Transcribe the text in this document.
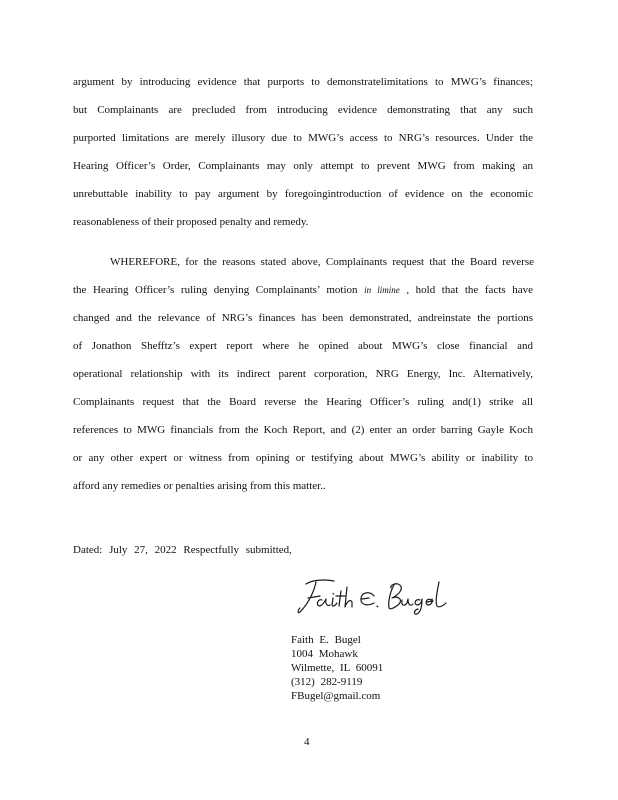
argument by introducing evidence that purports to demonstratelimitations to MWG’s finances;
but Complainants are precluded from introducing evidence demonstrating that any such
purported limitations are merely illusory due to MWG’s access to NRG’s resources. Under the
Hearing Officer’s Order, Complainants may only attempt to prevent MWG from making an
unrebuttable inability to pay argument by foregoingintroduction of evidence on the economic
reasonableness of their proposed penalty and remedy.
WHEREFORE, for the reasons stated above, Complainants request that the Board reverse
the Hearing Officer’s ruling denying Complainants’ motion in limine , hold that the facts have
changed and the relevance of NRG’s finances has been demonstrated, andreinstate the portions
of Jonathon Shefftz’s expert report where he opined about MWG’s close financial and
operational relationship with its indirect parent corporation, NRG Energy, Inc. Alternatively,
Complainants request that the Board reverse the Hearing Officer’s ruling and(1) strike all
references to MWG financials from the Koch Report, and (2) enter an order barring Gayle Koch
or any other expert or witness from opining or testifying about MWG’s ability or inability to
afford any remedies or penalties arising from this matter..
Dated: July 27, 2022 Respectfully submitted,
Faith E. Bugel
1004 Mohawk
Wilmette, IL 60091
(312) 282-9119
FBugel@gmail.com
4
